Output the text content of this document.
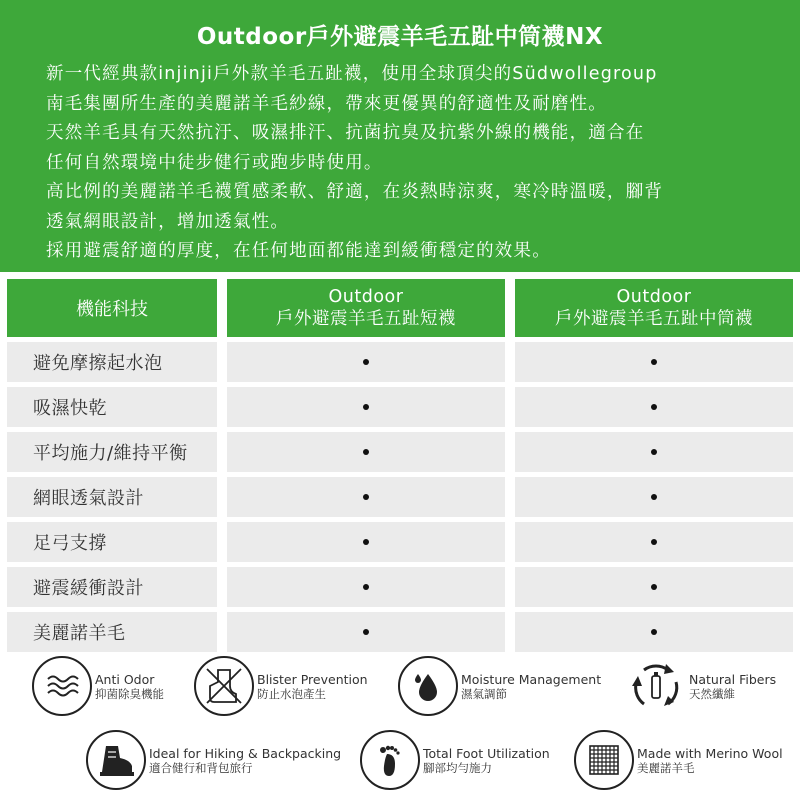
Outdoor戶外避震羊毛五趾中筒襪NX

新一代經典款injinji戶外款羊毛五趾襪，使用全球頂尖的Südwollegroup

南毛集團所生產的美麗諾羊毛紗線，帶來更優異的舒適性及耐磨性。

天然羊毛具有天然抗汙、吸濕排汗、抗菌抗臭及抗紫外線的機能，適合在

任何自然環境中徒步健行或跑步時使用。

高比例的美麗諾羊毛襪質感柔軟、舒適，在炎熱時涼爽，寒冷時溫暖，腳背

透氣網眼設計，增加透氣性。

採用避震舒適的厚度，在任何地面都能達到緩衝穩定的效果。

機能科技
Outdoor
戶外避震羊毛五趾短襪
Outdoor
戶外避震羊毛五趾中筒襪
避免摩擦起水泡
吸濕快乾
平均施力/維持平衡
網眼透氣設計
足弓支撐
避震緩衝設計
美麗諾羊毛
Anti Odor
抑菌除臭機能
Blister Prevention
防止水泡產生
Moisture Management
濕氣調節
Natural Fibers
天然纖維
Ideal for Hiking & Backpacking
適合健行和背包旅行
Total Foot Utilization
腳部均勻施力
Made with Merino Wool
美麗諾羊毛
